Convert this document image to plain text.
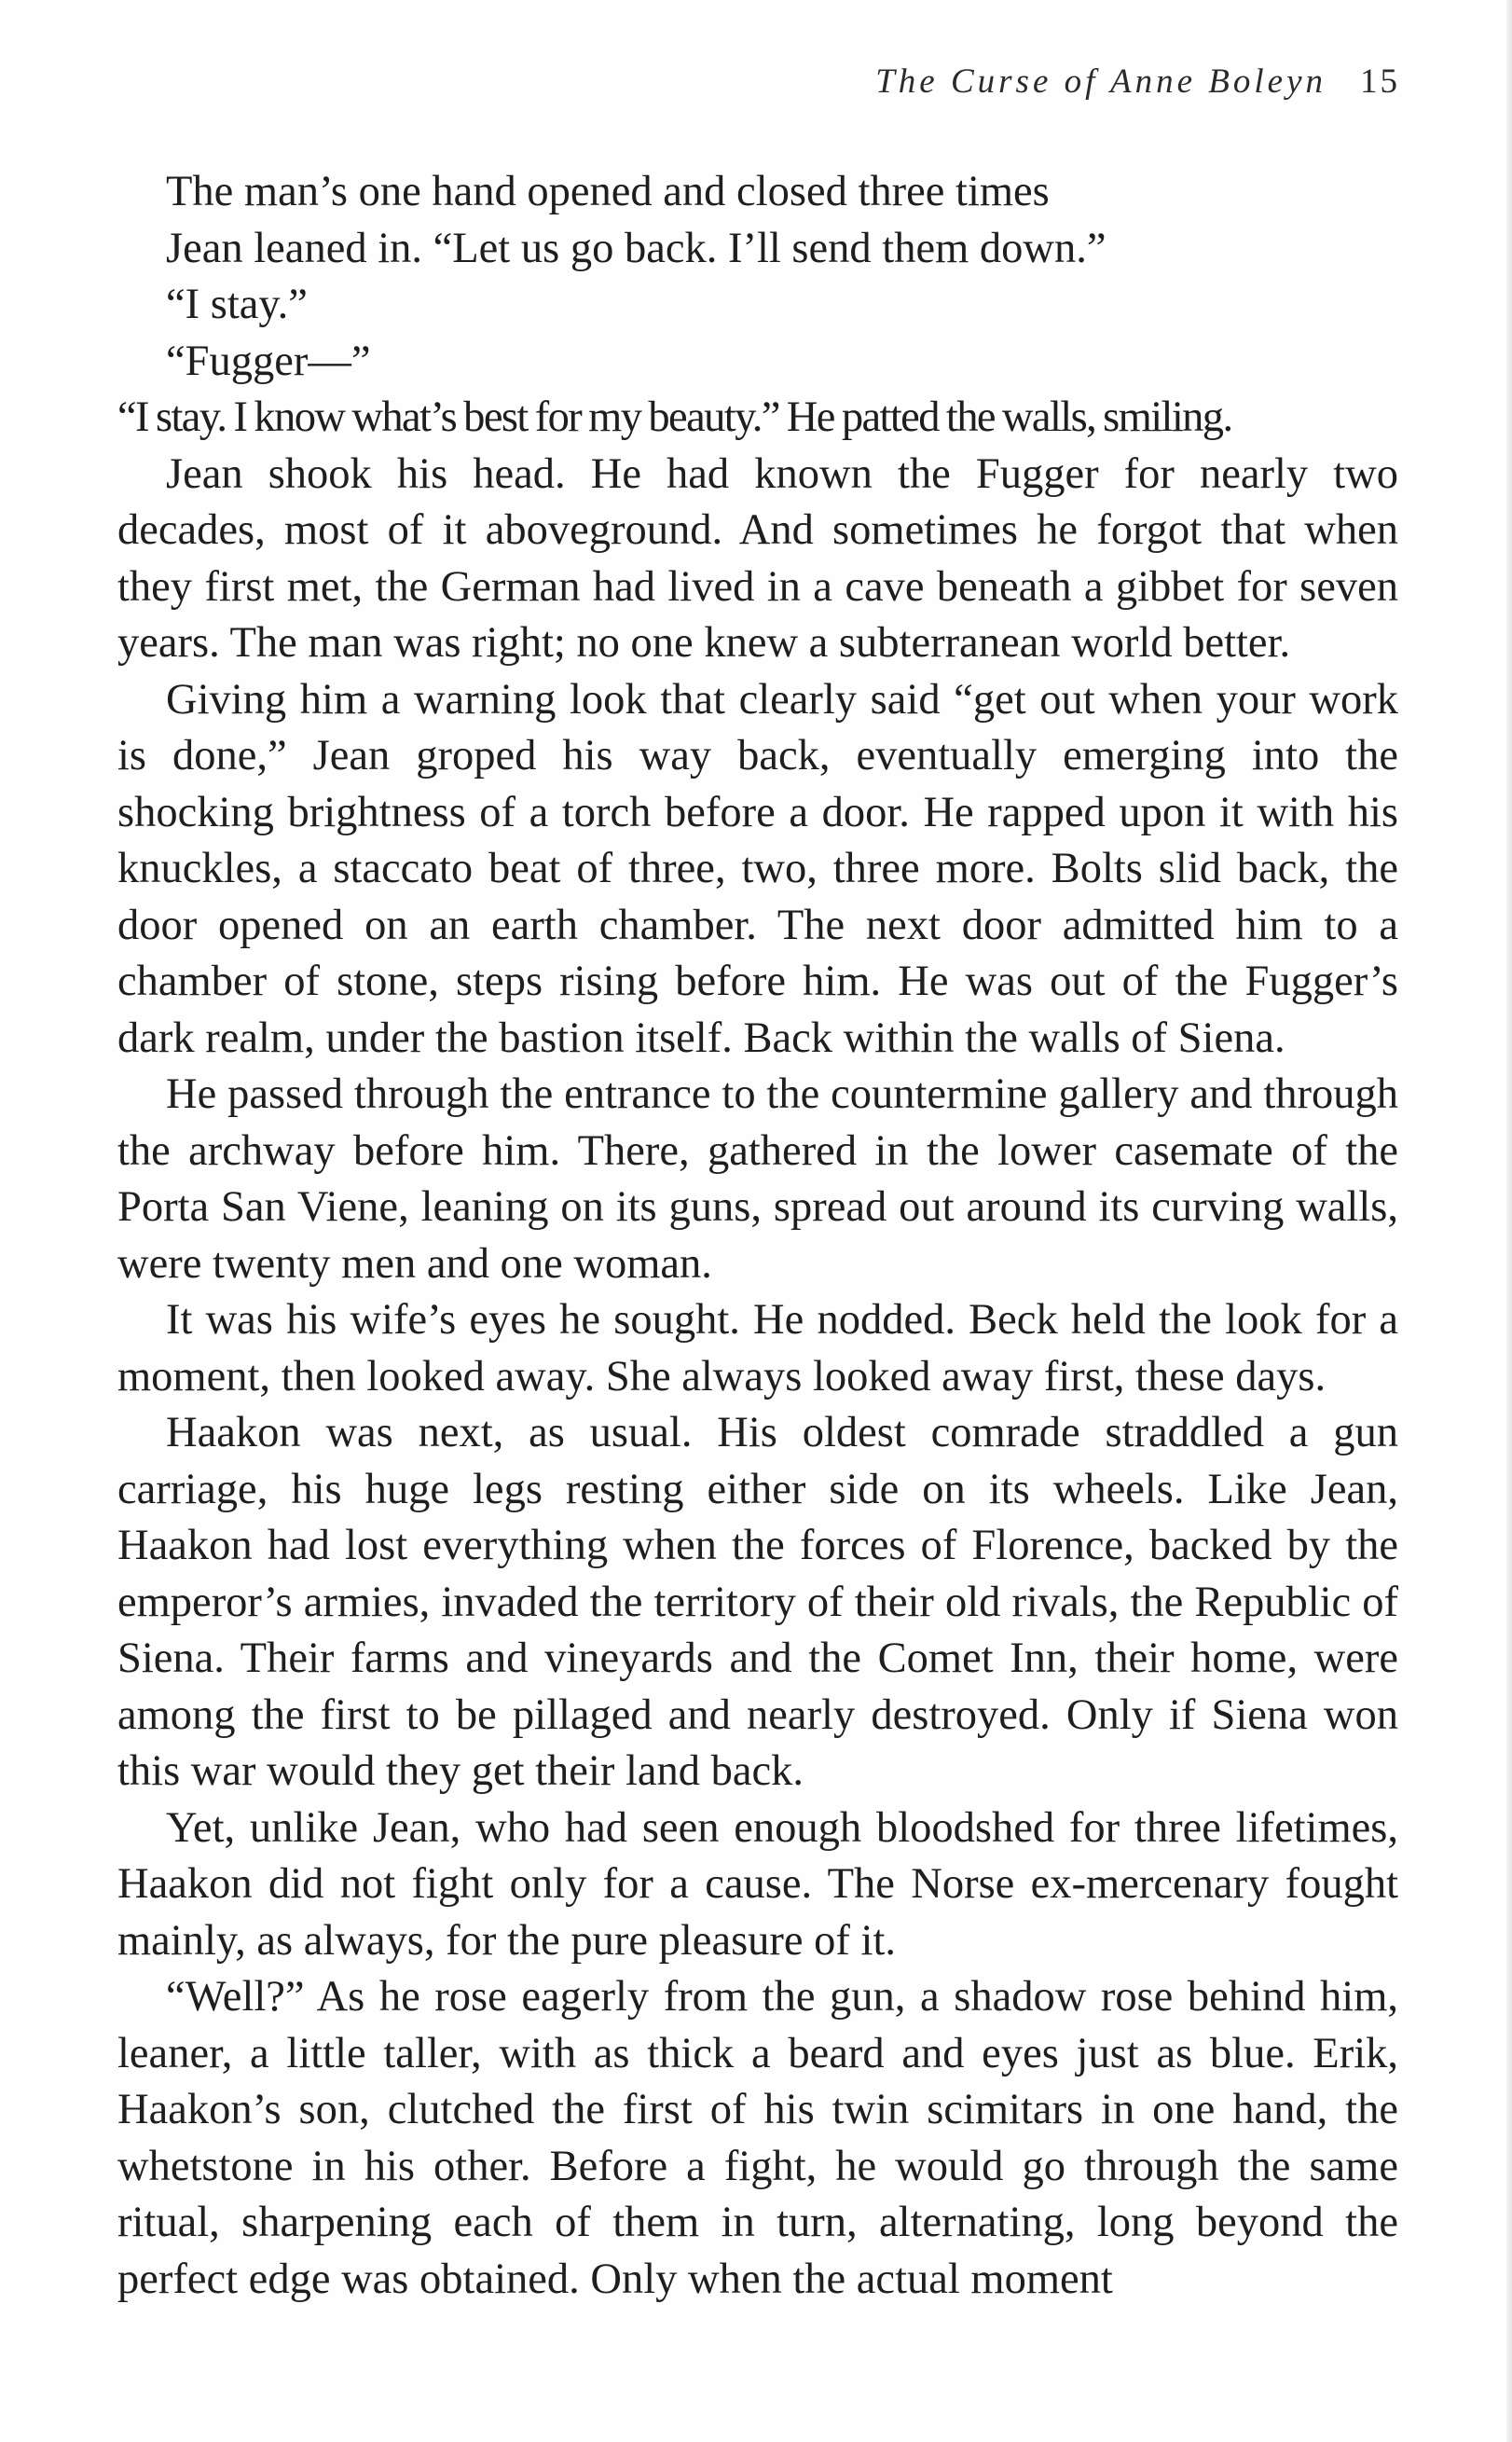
The Curse of Anne Boleyn 15

The man’s one hand opened and closed three times

Jean leaned in. “Let us go back. I’ll send them down.”

“I stay.”

“Fugger—”

“I stay. I know what’s best for my beauty.” He patted the walls, smiling.

Jean shook his head. He had known the Fugger for nearly two decades, most of it aboveground. And sometimes he forgot that when they first met, the German had lived in a cave beneath a gibbet for seven years. The man was right; no one knew a subterranean world better.

Giving him a warning look that clearly said “get out when your work is done,” Jean groped his way back, eventually emerging into the shocking brightness of a torch before a door. He rapped upon it with his knuckles, a staccato beat of three, two, three more. Bolts slid back, the door opened on an earth chamber. The next door admitted him to a chamber of stone, steps rising before him. He was out of the Fugger’s dark realm, under the bastion itself. Back within the walls of Siena.

He passed through the entrance to the countermine gallery and through the archway before him. There, gathered in the lower casemate of the Porta San Viene, leaning on its guns, spread out around its curving walls, were twenty men and one woman.

It was his wife’s eyes he sought. He nodded. Beck held the look for a moment, then looked away. She always looked away first, these days.

Haakon was next, as usual. His oldest comrade straddled a gun carriage, his huge legs resting either side on its wheels. Like Jean, Haakon had lost everything when the forces of Florence, backed by the emperor’s armies, invaded the territory of their old rivals, the Republic of Siena. Their farms and vineyards and the Comet Inn, their home, were among the first to be pillaged and nearly destroyed. Only if Siena won this war would they get their land back.

Yet, unlike Jean, who had seen enough bloodshed for three lifetimes, Haakon did not fight only for a cause. The Norse ex-mercenary fought mainly, as always, for the pure pleasure of it.

“Well?” As he rose eagerly from the gun, a shadow rose behind him, leaner, a little taller, with as thick a beard and eyes just as blue. Erik, Haakon’s son, clutched the first of his twin scimitars in one hand, the whetstone in his other. Before a fight, he would go through the same ritual, sharpening each of them in turn, alternating, long beyond the perfect edge was obtained. Only when the actual moment
